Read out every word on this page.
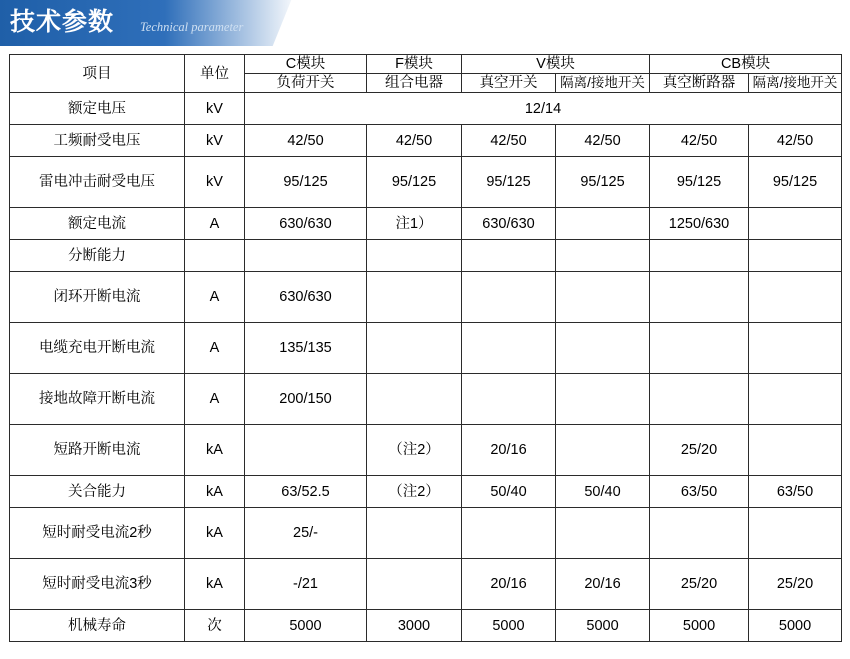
技术参数 Technical parameter
项目	单位	C模块	F模块	V模块		CB模块	
		负荷开关	组合电器	真空开关	隔离/接地开关	真空断路器	隔离/接地开关
额定电压	kV	12/14					
工频耐受电压	kV	42/50	42/50	42/50	42/50	42/50	42/50
雷电冲击耐受电压	kV	95/125	95/125	95/125	95/125	95/125	95/125
额定电流	A	630/630	注1）	630/630		1250/630	
分断能力							
闭环开断电流	A	630/630					
电缆充电开断电流	A	135/135					
接地故障开断电流	A	200/150					
短路开断电流	kA		（注2）	20/16		25/20	
关合能力	kA	63/52.5	（注2）	50/40	50/40	63/50	63/50
短时耐受电流2秒	kA	25/-					
短时耐受电流3秒	kA	-/21		20/16	20/16	25/20	25/20
机械寿命	次	5000	3000	5000	5000	5000	5000
